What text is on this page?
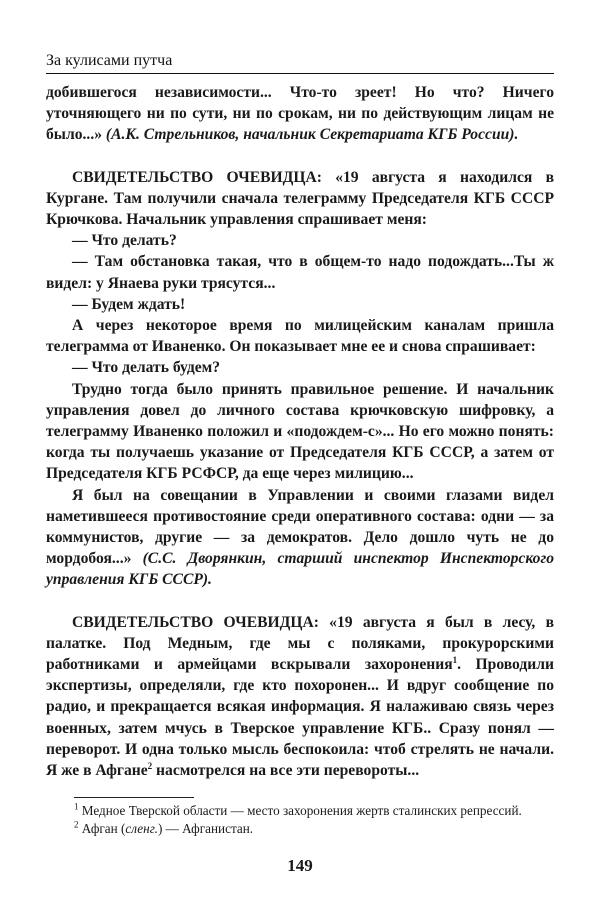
За кулисами путча

добившегося независимости... Что-то зреет! Но что? Ничего уточняющего ни по сути, ни по срокам, ни по действующим лицам не было...» (А.К. Стрельников, начальник Секретариата КГБ России).

СВИДЕТЕЛЬСТВО ОЧЕВИДЦА: «19 августа я находился в Кургане. Там получили сначала телеграмму Председателя КГБ СССР Крючкова. Начальник управления спрашивает меня:

— Что делать?

— Там обстановка такая, что в общем-то надо подождать...Ты ж видел: у Янаева руки трясутся...

— Будем ждать!

А через некоторое время по милицейским каналам пришла телеграмма от Иваненко. Он показывает мне ее и снова спрашивает:

— Что делать будем?

Трудно тогда было принять правильное решение. И начальник управления довел до личного состава крючковскую шифровку, а телеграмму Иваненко положил и «подождем-с»... Но его можно понять: когда ты получаешь указание от Председателя КГБ СССР, а затем от Председателя КГБ РСФСР, да еще через милицию...

Я был на совещании в Управлении и своими глазами видел наметившееся противостояние среди оперативного состава: одни — за коммунистов, другие — за демократов. Дело дошло чуть не до мордобоя...» (С.С. Дворянкин, старший инспектор Инспекторского управления КГБ СССР).

СВИДЕТЕЛЬСТВО ОЧЕВИДЦА: «19 августа я был в лесу, в палатке. Под Медным, где мы с поляками, прокурорскими работниками и армейцами вскрывали захоронения$^1$. Проводили экспертизы, определяли, где кто похоронен... И вдруг сообщение по радио, и прекращается всякая информация. Я налаживаю связь через военных, затем мчусь в Тверское управление КГБ.. Сразу понял — переворот. И одна только мысль беспокоила: чтоб стрелять не начали. Я же в Афгане$^2$ насмотрелся на все эти перевороты...

$^1$ Медное Тверской области — место захоронения жертв сталинских репрессий.

$^2$ Афган (сленг.) — Афганистан.

149
